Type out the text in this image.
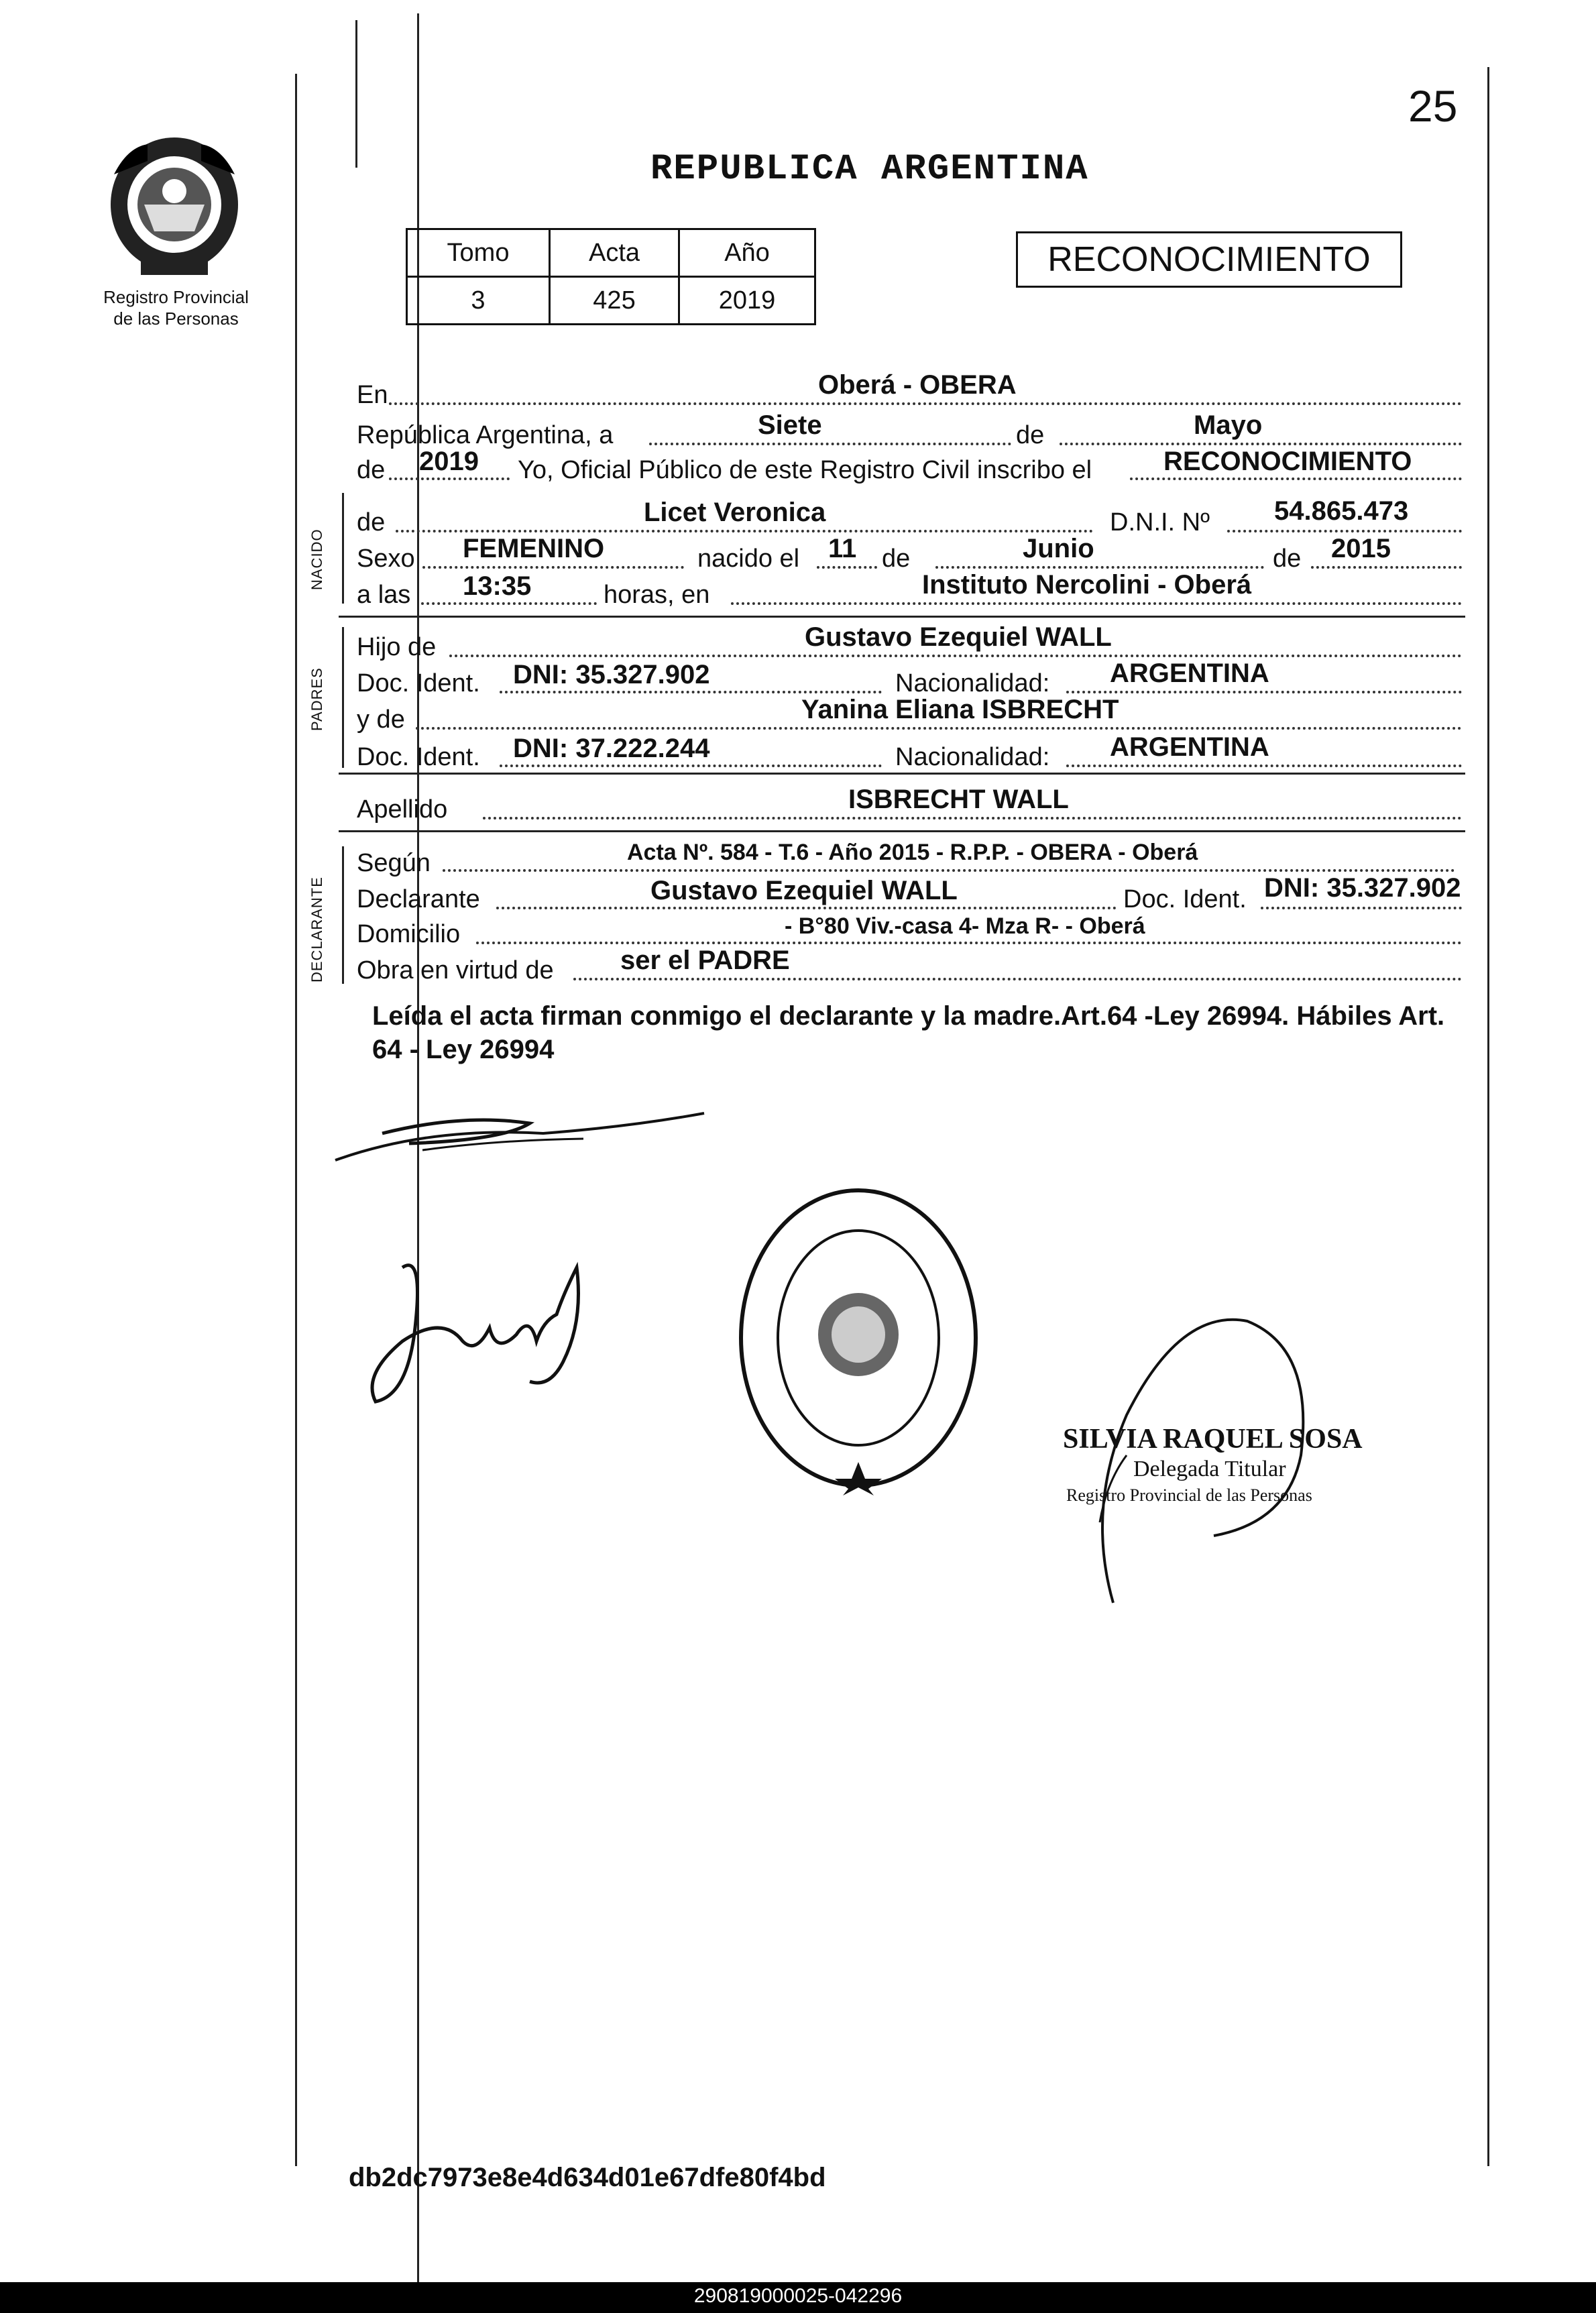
25
Registro Provincial
de las Personas
REPUBLICA ARGENTINA
Tomo	Acta	Año
3	425	2019
RECONOCIMIENTO
En	Oberá - OBERA
República Argentina, a	Siete	de	Mayo
de 2019 Yo, Oficial Público de este Registro Civil inscribo el	RECONOCIMIENTO
NACIDO
de	Licet Veronica	D.N.I. Nº 54.865.473
Sexo FEMENINO	nacido el 11 de	Junio	de 2015
a las 13:35	horas, en	Instituto Nercolini - Oberá
PADRES
Hijo de	Gustavo Ezequiel WALL
Doc. Ident. DNI: 35.327.902	Nacionalidad: ARGENTINA
y de	Yanina Eliana ISBRECHT
Doc. Ident. DNI: 37.222.244	Nacionalidad: ARGENTINA
Apellido	ISBRECHT WALL
DECLARANTE
Según	Acta Nº. 584 - T.6 - Año 2015 - R.P.P. - OBERA - Oberá
Declarante	Gustavo Ezequiel WALL	Doc. Ident. DNI: 35.327.902
Domicilio	- B°80 Viv.-casa 4- Mza R- - Oberá
Obra en virtud de ser el PADRE
Leída el acta firman conmigo el declarante y la madre.Art.64 -Ley 26994. Hábiles Art. 64 - Ley 26994
SILVIA RAQUEL SOSA
Delegada Titular
Registro Provincial de las Personas
db2dc7973e8e4d634d01e67dfe80f4bd
290819000025-042296
